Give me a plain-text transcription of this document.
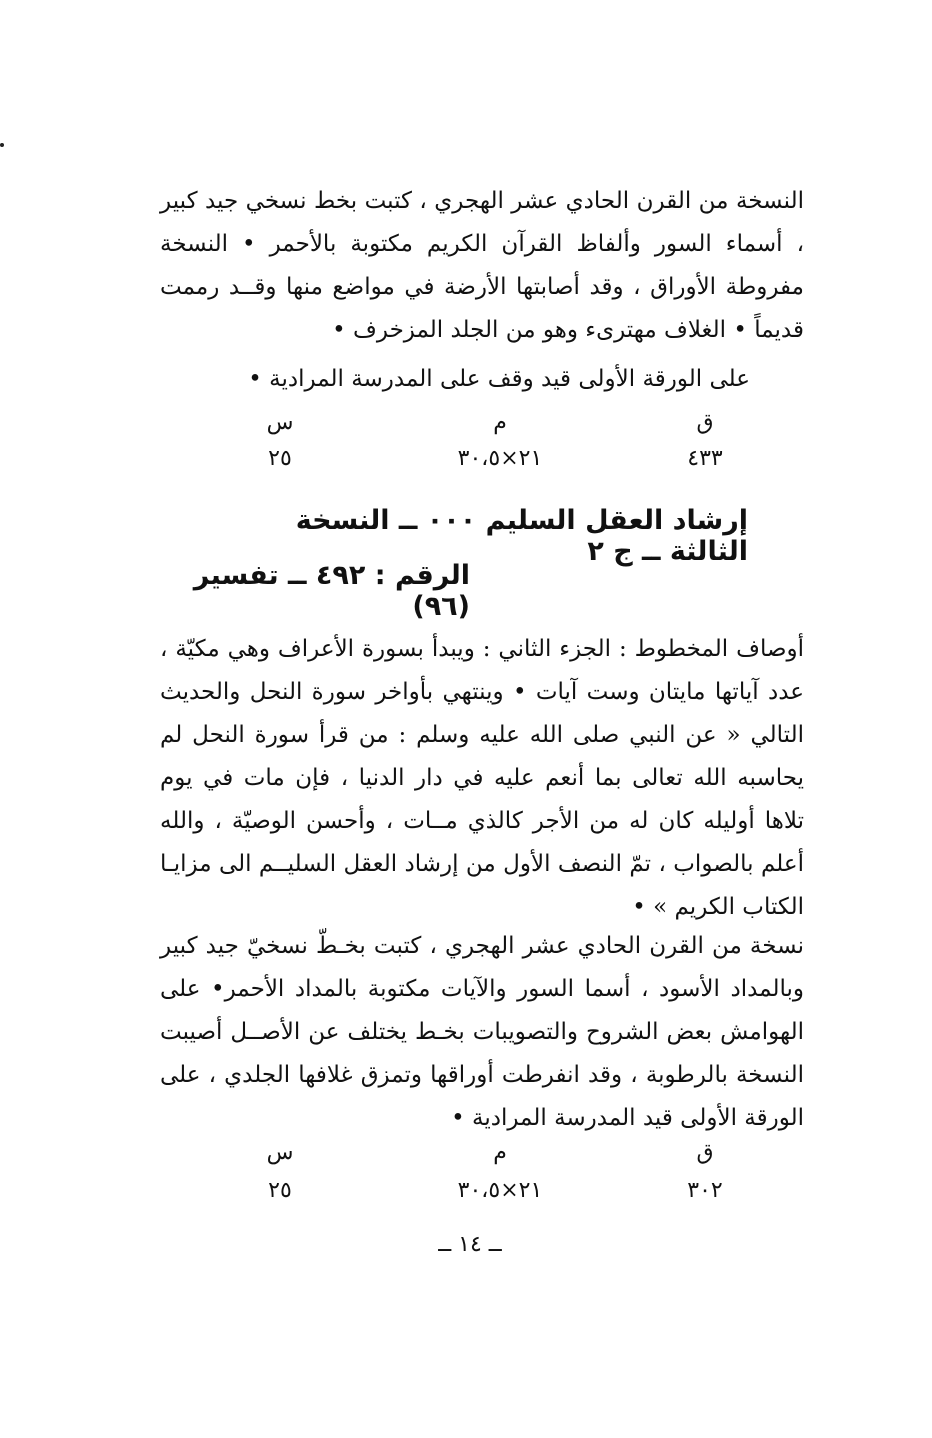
النسخة من القرن الحادي عشر الهجري ، كتبت بخط نسخي جيد كبير ، أسماء السور وألفاظ القرآن الكريم مكتوبة بالأحمر • النسخة مفروطة الأوراق ، وقد أصابتها الأرضة في مواضع منها وقــد رممت قديماً • الغلاف مهترىء وهو من الجلد المزخرف •
على الورقة الأولى قيد وقف على المدرسة المرادية •
ق
م
س
٤٣٣
٢١×٣٠،٥
٢٥
إرشاد العقل السليم ٠٠٠ ــ النسخة الثالثة ــ ج ٢
الرقم : ٤٩٢ ــ تفسير (٩٦)
أوصاف المخطوط : الجزء الثاني : ويبدأ بسورة الأعراف وهي مكيّة ، عدد آياتها مايتان وست آيات • وينتهي بأواخر سورة النحل والحديث التالي « عن النبي صلى الله عليه وسلم : من قرأ سورة النحل لم يحاسبه الله تعالى بما أنعم عليه في دار الدنيا ، فإن مات في يوم تلاها أوليله كان له من الأجر كالذي مــات ، وأحسن الوصيّة ، والله أعلم بالصواب ، تمّ النصف الأول من إرشاد العقل السليــم الى مزايـا الكتاب الكريم » •
نسخة من القرن الحادي عشر الهجري ، كتبت بخـطّ نسخيّ جيد كبير وبالمداد الأسود ، أسما السور والآيات مكتوبة بالمداد الأحمر• على الهوامش بعض الشروح والتصويبات بخـط يختلف عن الأصــل أصيبت النسخة بالرطوبة ، وقد انفرطت أوراقها وتمزق غلافها الجلدي ، على الورقة الأولى قيد المدرسة المرادية •
ق
م
س
٣٠٢
٢١×٣٠،٥
٢٥
ــ ١٤ ــ
